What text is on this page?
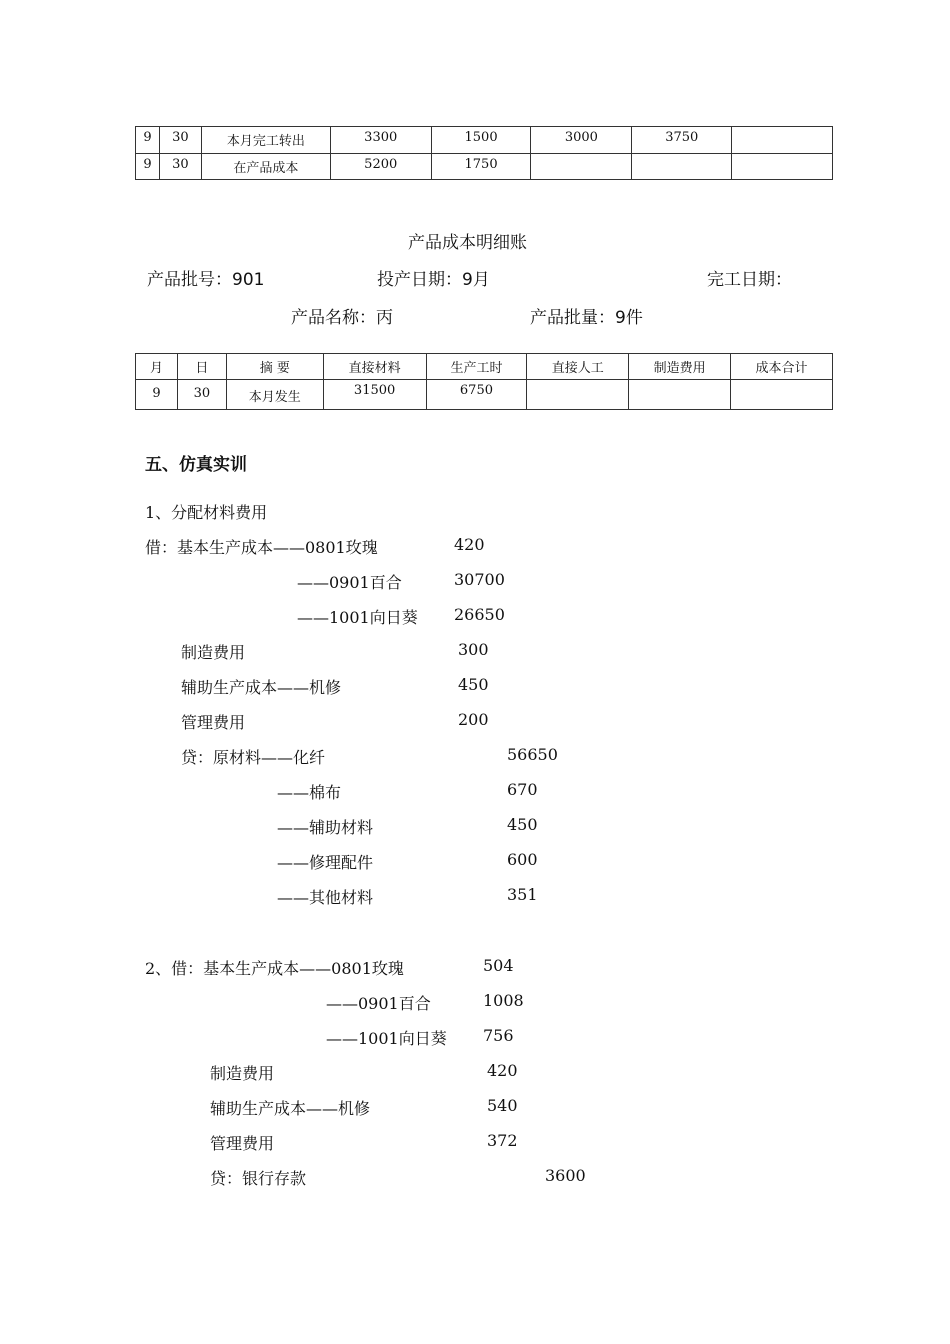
9	30	本月完工转出	3300	1500	3000	3750	
9	30	在产品成本	5200	1750			
产品成本明细账
产品批号：901	投产日期：9月	完工日期：
产品名称：丙	产品批量：9件
月	日	摘 要	直接材料	生产工时	直接人工	制造费用	成本合计
9	30	本月发生	31500	6750			
五、仿真实训
1、分配材料费用
借：基本生产成本——0801玫瑰	420
——0901百合	30700
——1001向日葵 26650
制造费用	300
辅助生产成本——机修	450
管理费用	200
贷：原材料——化纤	56650
——棉布	670
——辅助材料	450
——修理配件	600
——其他材料	351
2、借：基本生产成本——0801玫瑰	504
——0901百合	1008
——1001向日葵 756
制造费用	420
辅助生产成本——机修	540
管理费用	372
贷：银行存款	3600
